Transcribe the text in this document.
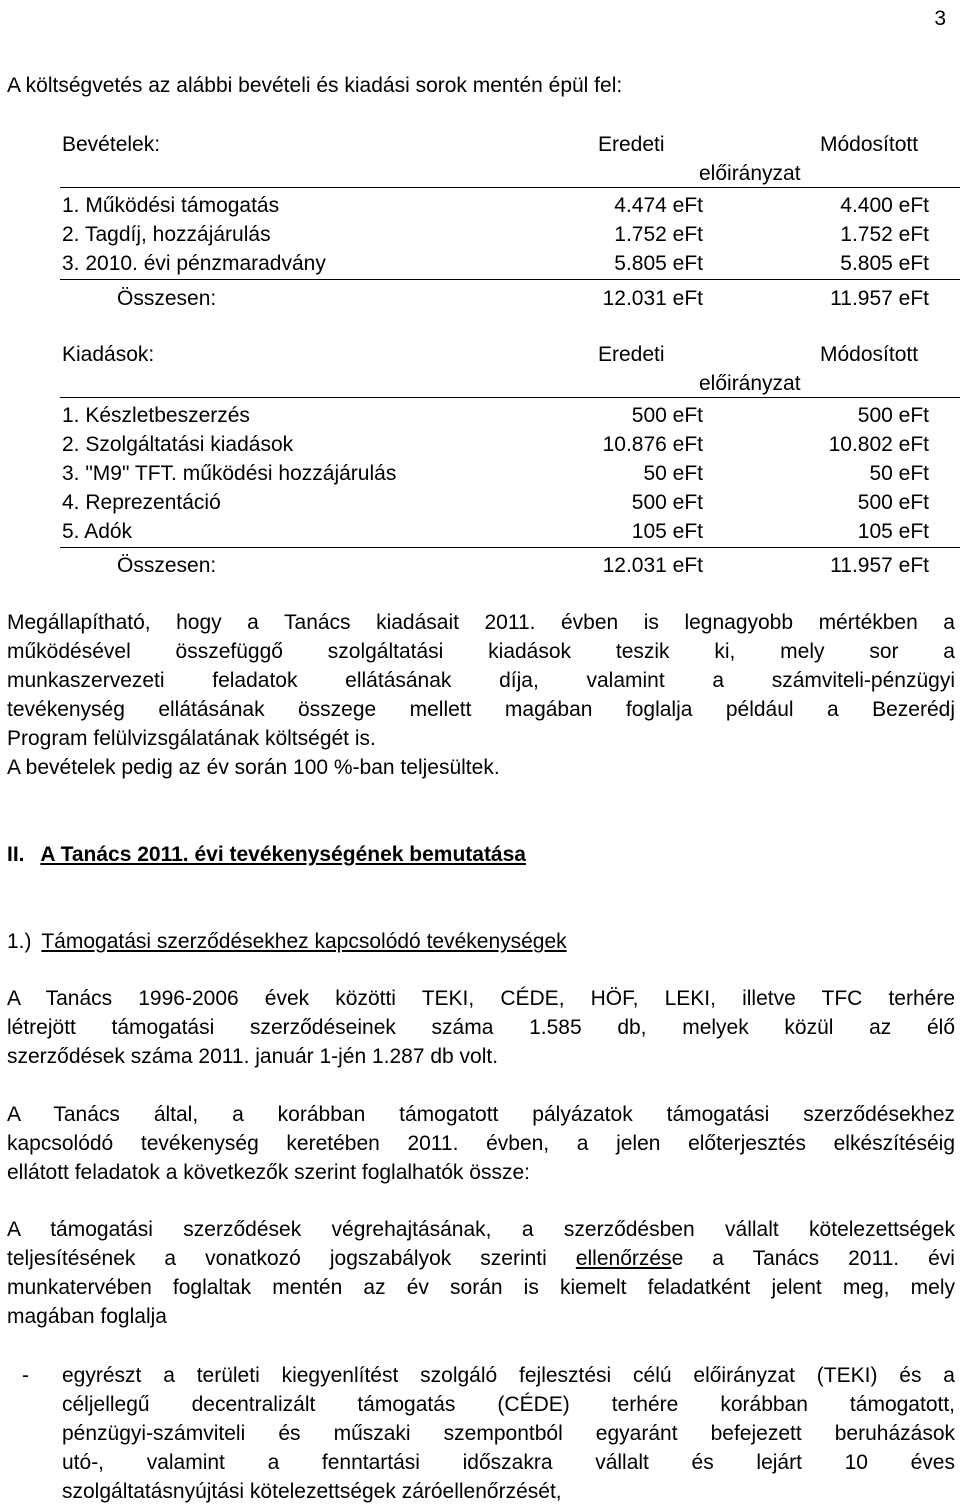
3
A költségvetés az alábbi bevételi és kiadási sorok mentén épül fel:
Bevételek:	Eredeti	Módosított
előirányzat
1. Működési támogatás	4.474 eFt	4.400 eFt
2. Tagdíj, hozzájárulás	1.752 eFt	1.752 eFt
3. 2010. évi pénzmaradvány	5.805 eFt	5.805 eFt
Összesen:	12.031 eFt	11.957 eFt
Kiadások:	Eredeti	Módosított
előirányzat
1. Készletbeszerzés	500 eFt	500 eFt
2. Szolgáltatási kiadások	10.876 eFt	10.802 eFt
3. "M9" TFT. működési hozzájárulás	50 eFt	50 eFt
4. Reprezentáció	500 eFt	500 eFt
5. Adók	105 eFt	105 eFt
Összesen:	12.031 eFt	11.957 eFt
Megállapítható, hogy a Tanács kiadásait 2011. évben is legnagyobb mértékben a
működésével összefüggő szolgáltatási kiadások teszik ki, mely sor a
munkaszervezeti feladatok ellátásának díja, valamint a számviteli-pénzügyi
tevékenység ellátásának összege mellett magában foglalja például a Bezerédj
Program felülvizsgálatának költségét is.
A bevételek pedig az év során 100 %-ban teljesültek.
II. A Tanács 2011. évi tevékenységének bemutatása
1.) Támogatási szerződésekhez kapcsolódó tevékenységek
A Tanács 1996-2006 évek közötti TEKI, CÉDE, HÖF, LEKI, illetve TFC terhére
létrejött támogatási szerződéseinek száma 1.585 db, melyek közül az élő
szerződések száma 2011. január 1-jén 1.287 db volt.
A Tanács által, a korábban támogatott pályázatok támogatási szerződésekhez
kapcsolódó tevékenység keretében 2011. évben, a jelen előterjesztés elkészítéséig
ellátott feladatok a következők szerint foglalhatók össze:
A támogatási szerződések végrehajtásának, a szerződésben vállalt kötelezettségek
teljesítésének a vonatkozó jogszabályok szerinti ellenőrzése a Tanács 2011. évi
munkatervében foglaltak mentén az év során is kiemelt feladatként jelent meg, mely
magában foglalja
- egyrészt a területi kiegyenlítést szolgáló fejlesztési célú előirányzat (TEKI) és a
céljellegű decentralizált támogatás (CÉDE) terhére korábban támogatott,
pénzügyi-számviteli és műszaki szempontból egyaránt befejezett beruházások
utó-, valamint a fenntartási időszakra vállalt és lejárt 10 éves
szolgáltatásnyújtási kötelezettségek záróellenőrzését,
